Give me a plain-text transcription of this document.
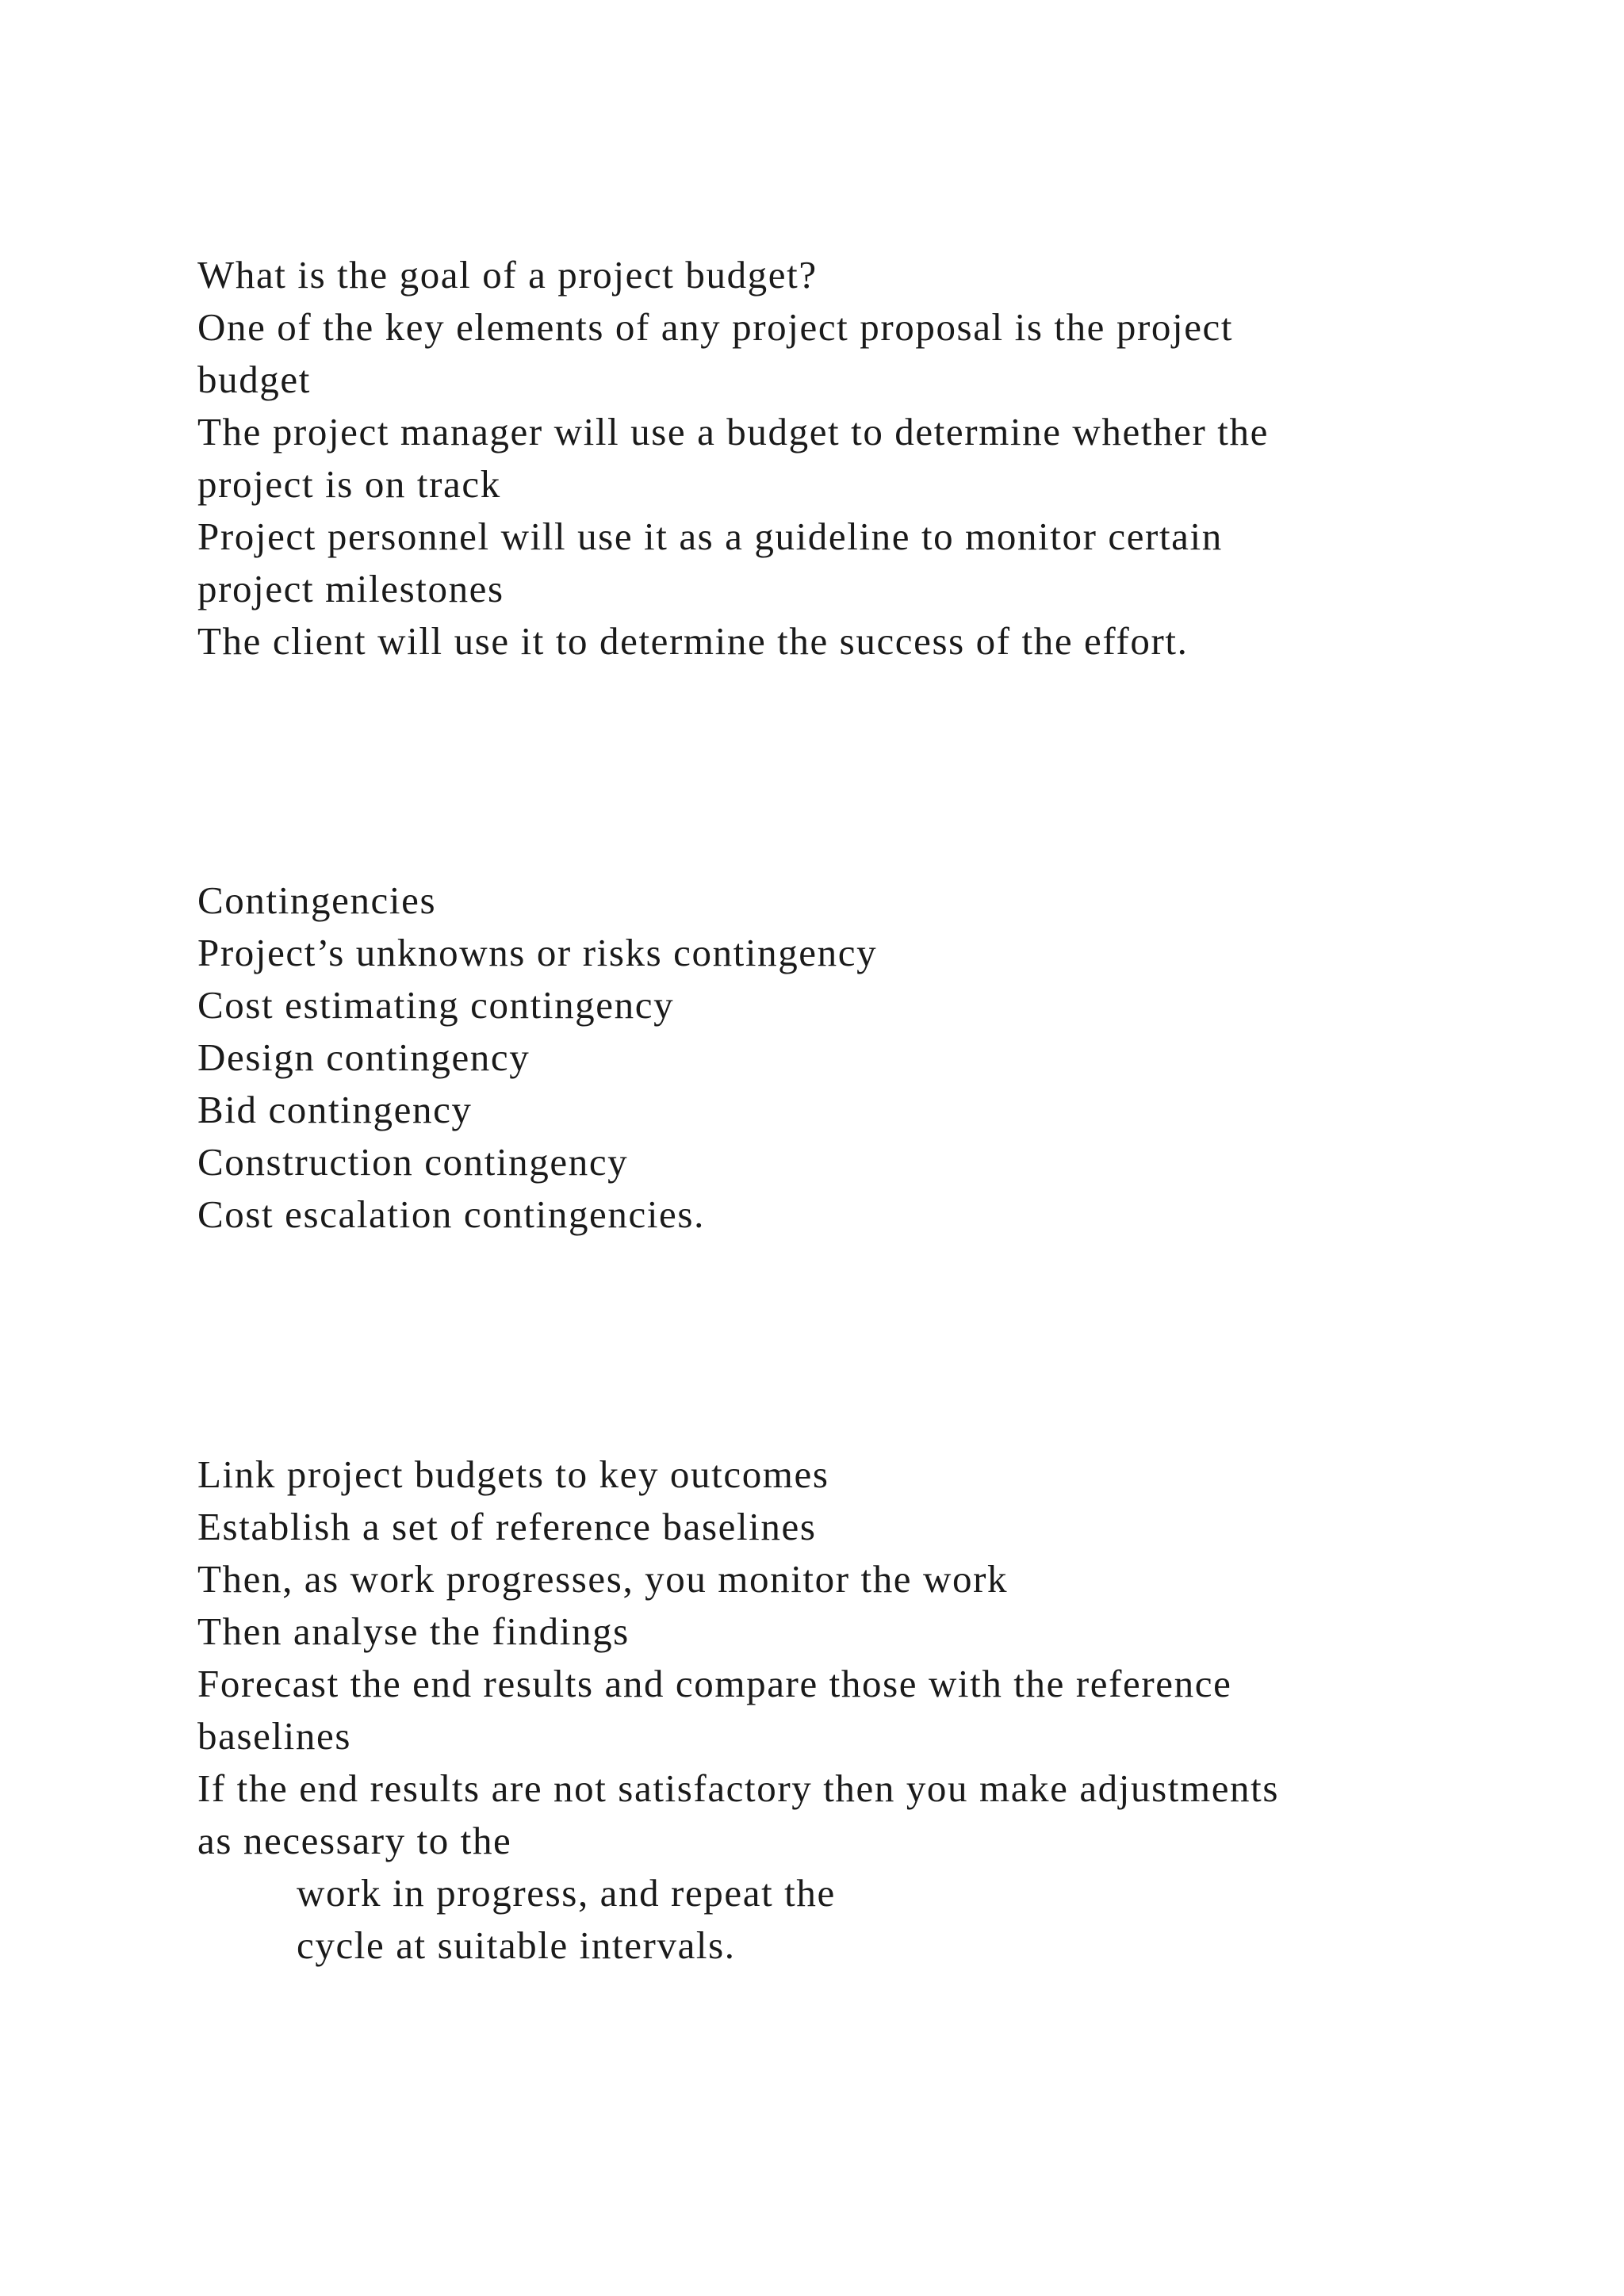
What is the goal of a project budget?
One of the key elements of any project proposal is the project
budget
The project manager will use a budget to determine whether the
project is on track
Project personnel will use it as a guideline to monitor certain
project milestones
The client will use it to determine the success of the effort.
Contingencies
Project’s unknowns or risks contingency
Cost estimating contingency
Design contingency
Bid contingency
Construction contingency
Cost escalation contingencies.
Link project budgets to key outcomes
Establish a set of reference baselines
Then, as work progresses, you monitor the work
Then analyse the findings
Forecast the end results and compare those with the reference
baselines
If the end results are not satisfactory then you make adjustments
as necessary to the
work in progress, and repeat the
cycle at suitable intervals.
